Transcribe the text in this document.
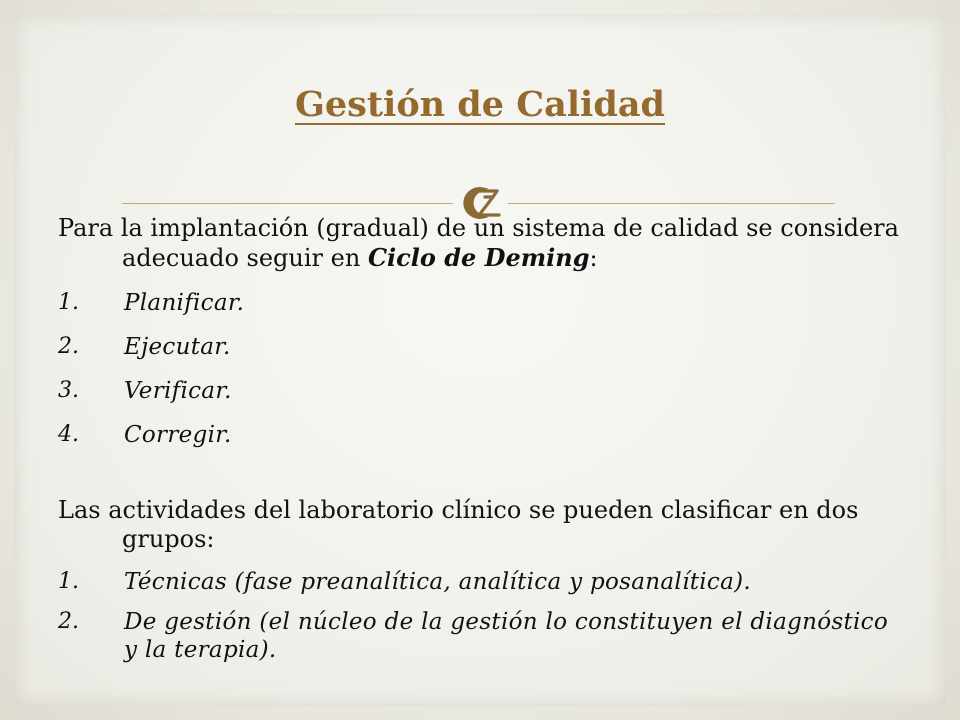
Gestión de Calidad

Para la implantación (gradual) de un sistema de calidad se considera adecuado seguir en Ciclo de Deming:

1. Planificar.

2. Ejecutar.

3. Verificar.

4. Corregir.

Las actividades del laboratorio clínico se pueden clasificar en dos grupos:

1. Técnicas (fase preanalítica, analítica y posanalítica).

2. De gestión (el núcleo de la gestión lo constituyen el diagnóstico y la terapia).
